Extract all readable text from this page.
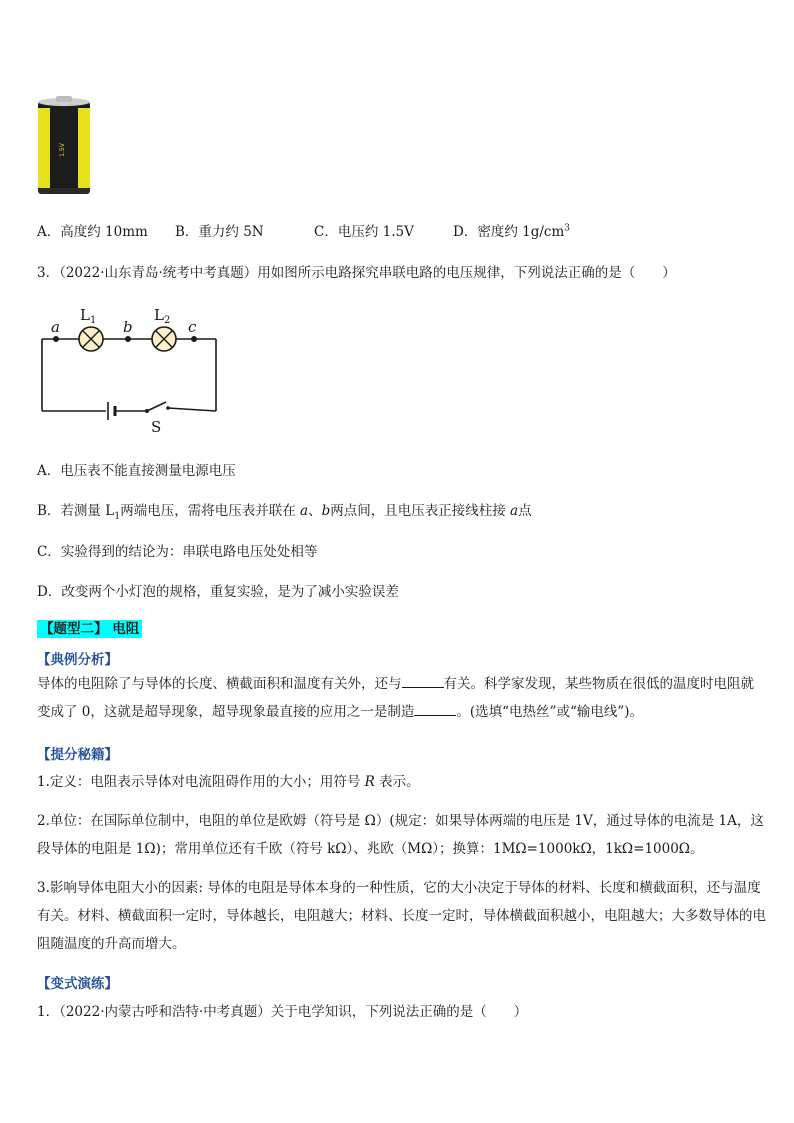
1.5V
A．高度约 10mm B．重力约 5N	C．电压约 1.5V	D．密度约 $1g/cm^3$
3．（2022·山东青岛·统考中考真题）用如图所示电路探究串联电路的电压规律，下列说法正确的是（　　）
a	b	c
$L_1$	$L_2$
S
A．电压表不能直接测量电源电压
B．若测量 $L_1$两端电压，需将电压表并联在 a、b两点间，且电压表正接线柱接 a点
C．实验得到的结论为：串联电路电压处处相等
D．改变两个小灯泡的规格，重复实验，是为了减小实验误差
【题型二】 电阻
【典例分析】
导体的电阻除了与导体的长度、横截面积和温度有关外，还与	有关。科学家发现，某些物质在很低的温度时电阻就变成了 0，这就是超导现象，超导现象最直接的应用之一是制造	。(选填“电热丝”或“输电线”)。
【提分秘籍】
1.定义：电阻表示导体对电流阻碍作用的大小；用符号 R 表示。
2.单位：在国际单位制中，电阻的单位是欧姆（符号是 Ω）(规定：如果导体两端的电压是 1V，通过导体的电流是 1A，这段导体的电阻是 1Ω)；常用单位还有千欧（符号 kΩ）、兆欧（MΩ）；换算：1MΩ=1000kΩ，1kΩ=1000Ω。
3.影响导体电阻大小的因素: 导体的电阻是导体本身的一种性质，它的大小决定于导体的材料、长度和横截面积，还与温度有关。材料、横截面积一定时，导体越长，电阻越大；材料、长度一定时，导体横截面积越小，电阻越大；大多数导体的电阻随温度的升高而增大。
【变式演练】
1．（2022·内蒙古呼和浩特·中考真题）关于电学知识，下列说法正确的是（　　）
